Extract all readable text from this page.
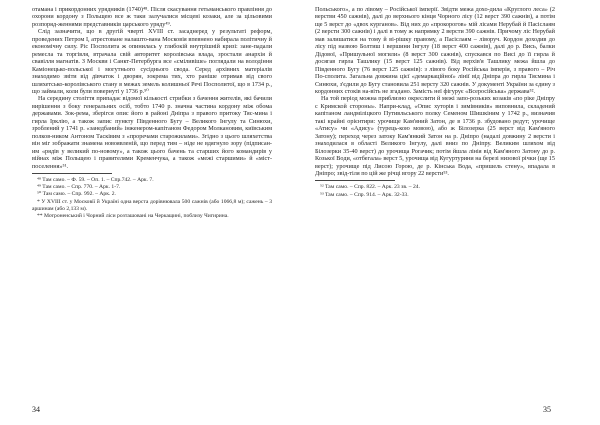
отамана і прикордонних урядників (1740)⁴⁸. Після скасування гетьманського правління до охорони кордону з Польщею все ж таки залучалися місцеві козаки, але за цільовими розпоряд-женнями представників царського уряду⁴⁹.

Слід зазначити, що в другій чверті XVIII ст. засаднеред у результаті реформ, проведених Петром I, атрестоване налашто-вана Московія впевнено набирала політичну й економічну силу. Pic Посполита ж опинилась у глибокій внутрішній кризі: зане-падали ремесла та торгівля, втрачала свій авторитет королівська влада, зростали анархія й свавілля магнатів. З Москви і Санкт-Петербурга все «сміливіше» поглядали на володіння Каміонецько-польської і могутнього сусіднього свода. Серед архівних матеріалів знаходимо звіти від дівчаток і дворян, зокрема тих, хто раніше отримав від свого шляхетсько-королівського стану в межах земель колишньої Речі Посполитої, що в 1734 р., що займали, коли були повернуті у 1736 р.⁵⁰

На середину століття припадає відомої кількості стрибки з бачення жителів, які бачили вирішення з боку генеральних осіб, тобто 1740 р. значна частина кордону між обома державами. Зок-рема, зберігся опис його в районі Дніпра з правого притоку Тяс-мина і гирла Ірклію, а також запис пункту Південного Бугу – Великого Інгулу та Синюхи, зроблений у 1741 р. «занедбаний» інженером-капітаном Федором Молкановим, київським полков-ником Антоном Тасківим з «проречами старожилами». Згідно з цього шляхетства він міг зображати знамена новоявленій, що перед тим – ніде не вдягнуло зору (підписан-им «рядів у великий по-новому», а також цього бачень та старших його командирів у війнах між Польщею і правителями Кременчука, а також «межі старшими» й «міст-поселення»⁵¹.

⁴⁸ Там само. – Ф. 59. – Оп. 1. – Спр.742. – Арк. 7.
⁴⁹ Там само. – Спр. 770. – Арк. 1-7.
⁵⁰ Там само. – Спр. 992. – Арк. 2.
* У XVIII ст. у Московії й Україні одна верста дорівнювала 500 сажнів (або 1066,8 м); сажень – 3 аршинам (або 2,133 м).
** Мотроненський і Чорний ліси розташовані на Черкащині, поблизу Чигирина.

Польського», а по лівому – Російської імперії. Звідти межа дохо-дила «Круглого леса» (2 верстви 450 сажнів), далі до верхнього кінця Чорного лісу (12 верст 390 сажнів), а потім ще 5 верст до «двох курганов». Від них до «прокорогов» мій лісами Нерубай й Пасіслаям (2 версти 300 сажнів) і далі в тому ж напрямку 2 версти 390 сажнів. Причому ліс Нерубай мав залишатися на тому й ві-рішку правому, а Пасіслаям – ліворуч. Кордон доходив до лісу під назвою Болтиш і вершини Інгулу (18 верст 400 сажнів), далі до р. Вись, балки Дідової, «Пришульної могили» (8 верст 300 сажнів), спускався по Висі до її гирла й досягав гирла Ташлику (15 верст 125 сажнів). Від верхів'я Ташлику межа йшла до Південного Бугу (76 верст 125 сажнів): з лівого боку Російська імперія, з правого – Річ По-сполита. Загальна довжина цієї «демаркаційної» лінії від Дніпра до гирла Тясмина і Синюхи, з'єдили до Бугу становила 251 версту 320 сажнів. У документі України за єдину з кордонних стоків на-віть не згадано. Замість неї фігурує «Всеросійська» держава⁵².

На той період можна приблизно окреслити й межі запо-розьких козаків «по ріке Дніпру с Кримской стороны». Напри-клад, «Опис хуторів і зимівників» виповнила, складений капітаном ландміліцкого Путивльського полку Семеном Шишкіним у 1742 р., визначив такі крайні орієнтири: урочище Кам'яний Затон, де в 1736 р. збудовано редут; урочище «Атису» чи «Адису» (турець-кою мовою), або ж Білозерка (25 верст від Кам'яного Затону); переход через затоку Кам'янкий Затон на р. Дніпро (надалі довжину 2 версти і знаходилася в області Великого Інгулу, далі вниз по Дніпру. Великим шляхом від Білозерки 35-40 верст) до урочища Рогачик; потім йшла лінія від Кам'яного Затону до р. Козької Води, «отбегала» верст 5, урочища від Кугуртурини на березі низової річки (ще 15 верст); урочище під Лисою Горою, де р. Кінська Вода, «пришель стену», впадала в Дніпро; звід-тіля по цій же річці вгору 22 версти⁵³.

⁵² Там само. – Спр. 822. – Арк. 23 зв. – 24.
⁵³ Там само. – Спр. 914. – Арк. 32-33.
34	35
